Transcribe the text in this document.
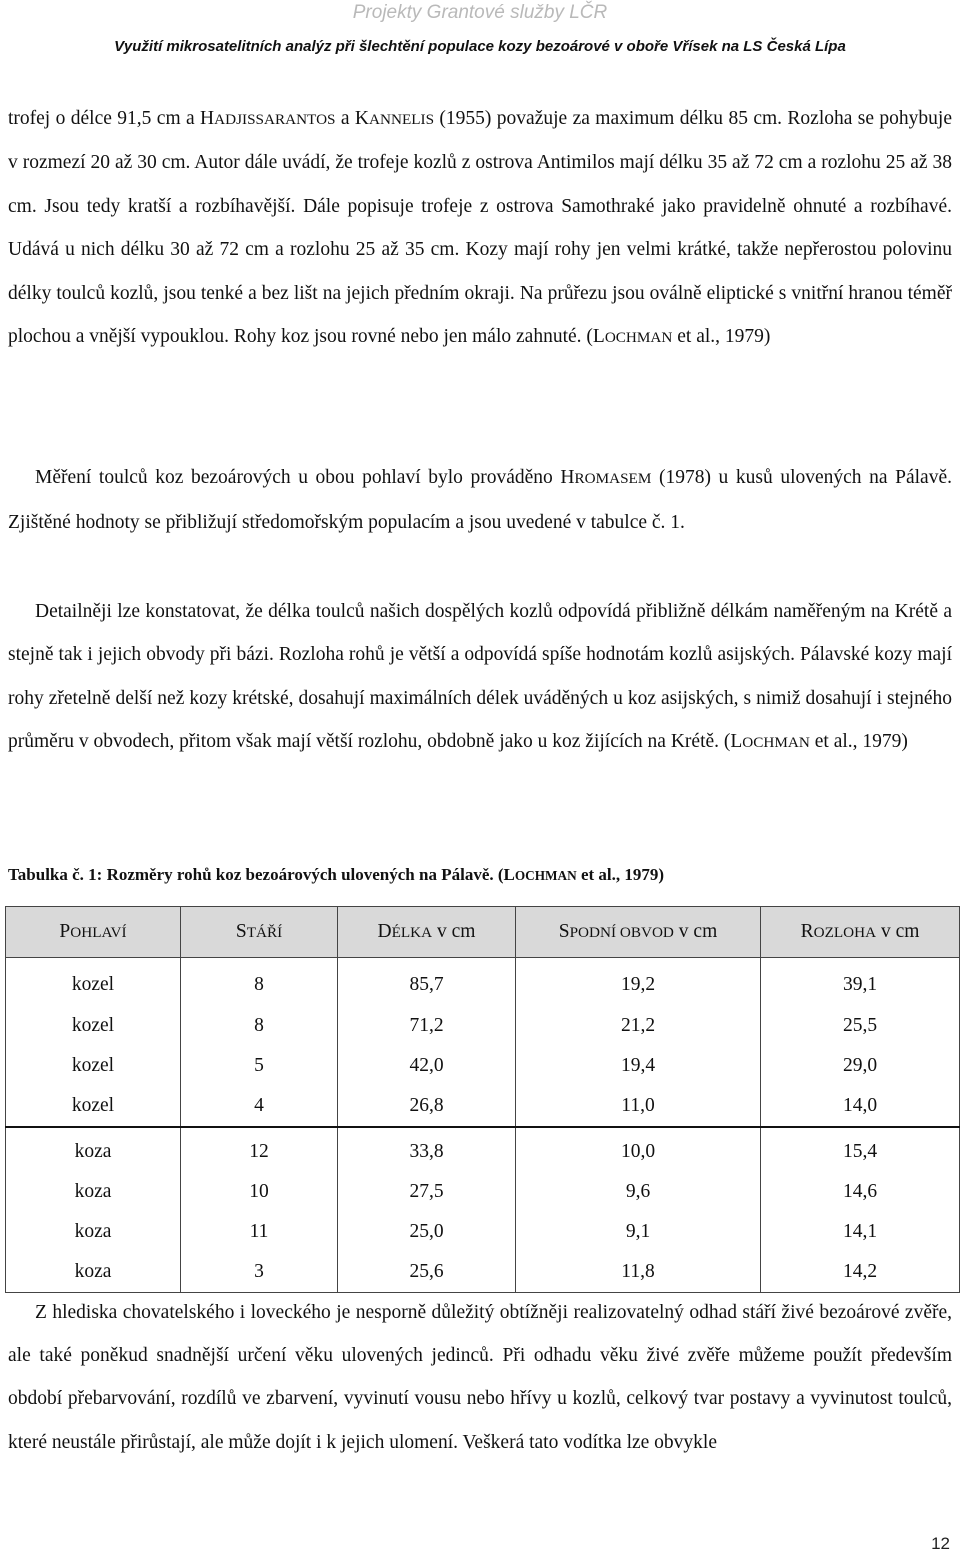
Projekty Grantové služby LČR
Využití mikrosatelitních analýz při šlechtění populace kozy bezoárové v oboře Vřísek na LS Česká Lípa

trofej o délce 91,5 cm a HADJISSARANTOS a KANNELIS (1955) považuje za maximum délku 85 cm. Rozloha se pohybuje v rozmezí 20 až 30 cm. Autor dále uvádí, že trofeje kozlů z ostrova Antimilos mají délku 35 až 72 cm a rozlohu 25 až 38 cm. Jsou tedy kratší a rozbíhavější. Dále popisuje trofeje z ostrova Samothraké jako pravidelně ohnuté a rozbíhavé. Udává u nich délku 30 až 72 cm a rozlohu 25 až 35 cm. Kozy mají rohy jen velmi krátké, takže nepřerostou polovinu délky toulců kozlů, jsou tenké a bez lišt na jejich předním okraji. Na průřezu jsou oválně eliptické s vnitřní hranou téměř plochou a vnější vypouklou. Rohy koz jsou rovné nebo jen málo zahnuté. (LOCHMAN et al., 1979)

Měření toulců koz bezoárových u obou pohlaví bylo prováděno HROMASEM (1978) u kusů ulovených na Pálavě. Zjištěné hodnoty se přibližují středomořským populacím a jsou uvedené v tabulce č. 1.

Detailněji lze konstatovat, že délka toulců našich dospělých kozlů odpovídá přibližně délkám naměřeným na Krétě a stejně tak i jejich obvody při bázi. Rozloha rohů je větší a odpovídá spíše hodnotám kozlů asijských. Pálavské kozy mají rohy zřetelně delší než kozy krétské, dosahují maximálních délek uváděných u koz asijských, s nimiž dosahují i stejného průměru v obvodech, přitom však mají větší rozlohu, obdobně jako u koz žijících na Krétě. (LOCHMAN et al., 1979)

Tabulka č. 1: Rozměry rohů koz bezoárových ulovených na Pálavě. (LOCHMAN et al., 1979)
POHLAVÍ	STÁŘÍ	DÉLKA v cm	SPODNÍ OBVOD v cm	ROZLOHA v cm
kozel	8	85,7	19,2	39,1
kozel	8	71,2	21,2	25,5
kozel	5	42,0	19,4	29,0
kozel	4	26,8	11,0	14,0
koza	12	33,8	10,0	15,4
koza	10	27,5	9,6	14,6
koza	11	25,0	9,1	14,1
koza	3	25,6	11,8	14,2

Z hlediska chovatelského i loveckého je nesporně důležitý obtížněji realizovatelný odhad stáří živé bezoárové zvěře, ale také poněkud snadnější určení věku ulovených jedinců. Při odhadu věku živé zvěře můžeme použít především období přebarvování, rozdílů ve zbarvení, vyvinutí vousu nebo hřívy u kozlů, celkový tvar postavy a vyvinutost toulců, které neustále přirůstají, ale může dojít i k jejich ulomení. Veškerá tato vodítka lze obvykle

12
